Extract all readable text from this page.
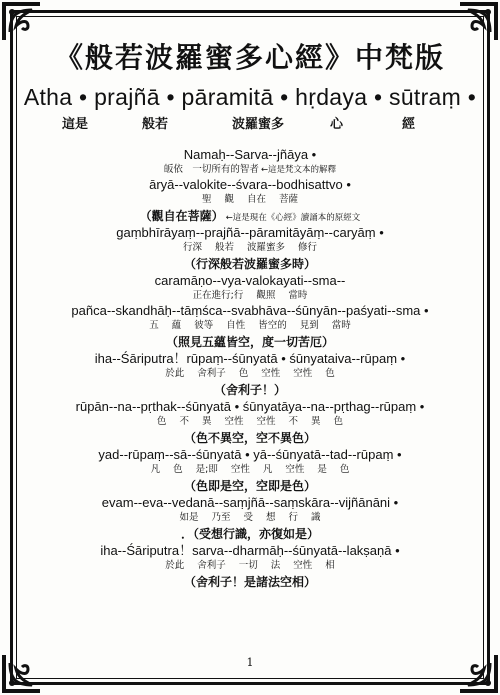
《般若波羅蜜多心經》中梵版
Atha • prajñā • pāramitā • hṛdaya • sūtraṃ •
這是	般若	波羅蜜多	心	經
Namaḥ--Sarva--jñāya •
皈依　一切所有的智者 ←這是梵文本的解釋
āryā--valokite--śvara--bodhisattvo •
聖 觀 自在 菩薩
（觀自在菩薩） ←這是現在《心經》讀誦本的原經文
gaṃbhīrāyaṃ--prajñā--pāramitāyāṃ--caryāṃ •
行深 般若 波羅蜜多 修行
（行深般若波羅蜜多時）
caramāṇo--vya-valokayati--sma--
正在進行;行 觀照 當時
pañca--skandhāḥ--tāṃśca--svabhāva--śūnyān--paśyati--sma •
五 蘊 彼等 自性 皆空的 見到 當時
（照見五蘊皆空，度一切苦厄）
iha--Śāriputra！rūpaṃ--śūnyatā • śūnyataiva--rūpaṃ •
於此 舍利子 色 空性 空性 色
（舍利子！）
rūpān--na--pṛthak--śūnyatā • śūnyatāya--na--pṛthag--rūpaṃ •
色 不 異 空性 空性 不 異 色
（色不異空，空不異色）
yad--rūpaṃ--sā--śūnyatā • yā--śūnyatā--tad--rūpaṃ •
凡 色 是;即 空性 凡 空性 是 色
（色即是空，空即是色）
evam--eva--vedanā--saṃjñā--saṃskāra--vijñānāni •
如是 乃至 受 想 行 識
．（受想行識，亦復如是）
iha--Śāriputra！sarva--dharmāḥ--śūnyatā--lakṣaṇā •
於此 舍利子 一切 法 空性 相
（舍利子！是諸法空相）
1
